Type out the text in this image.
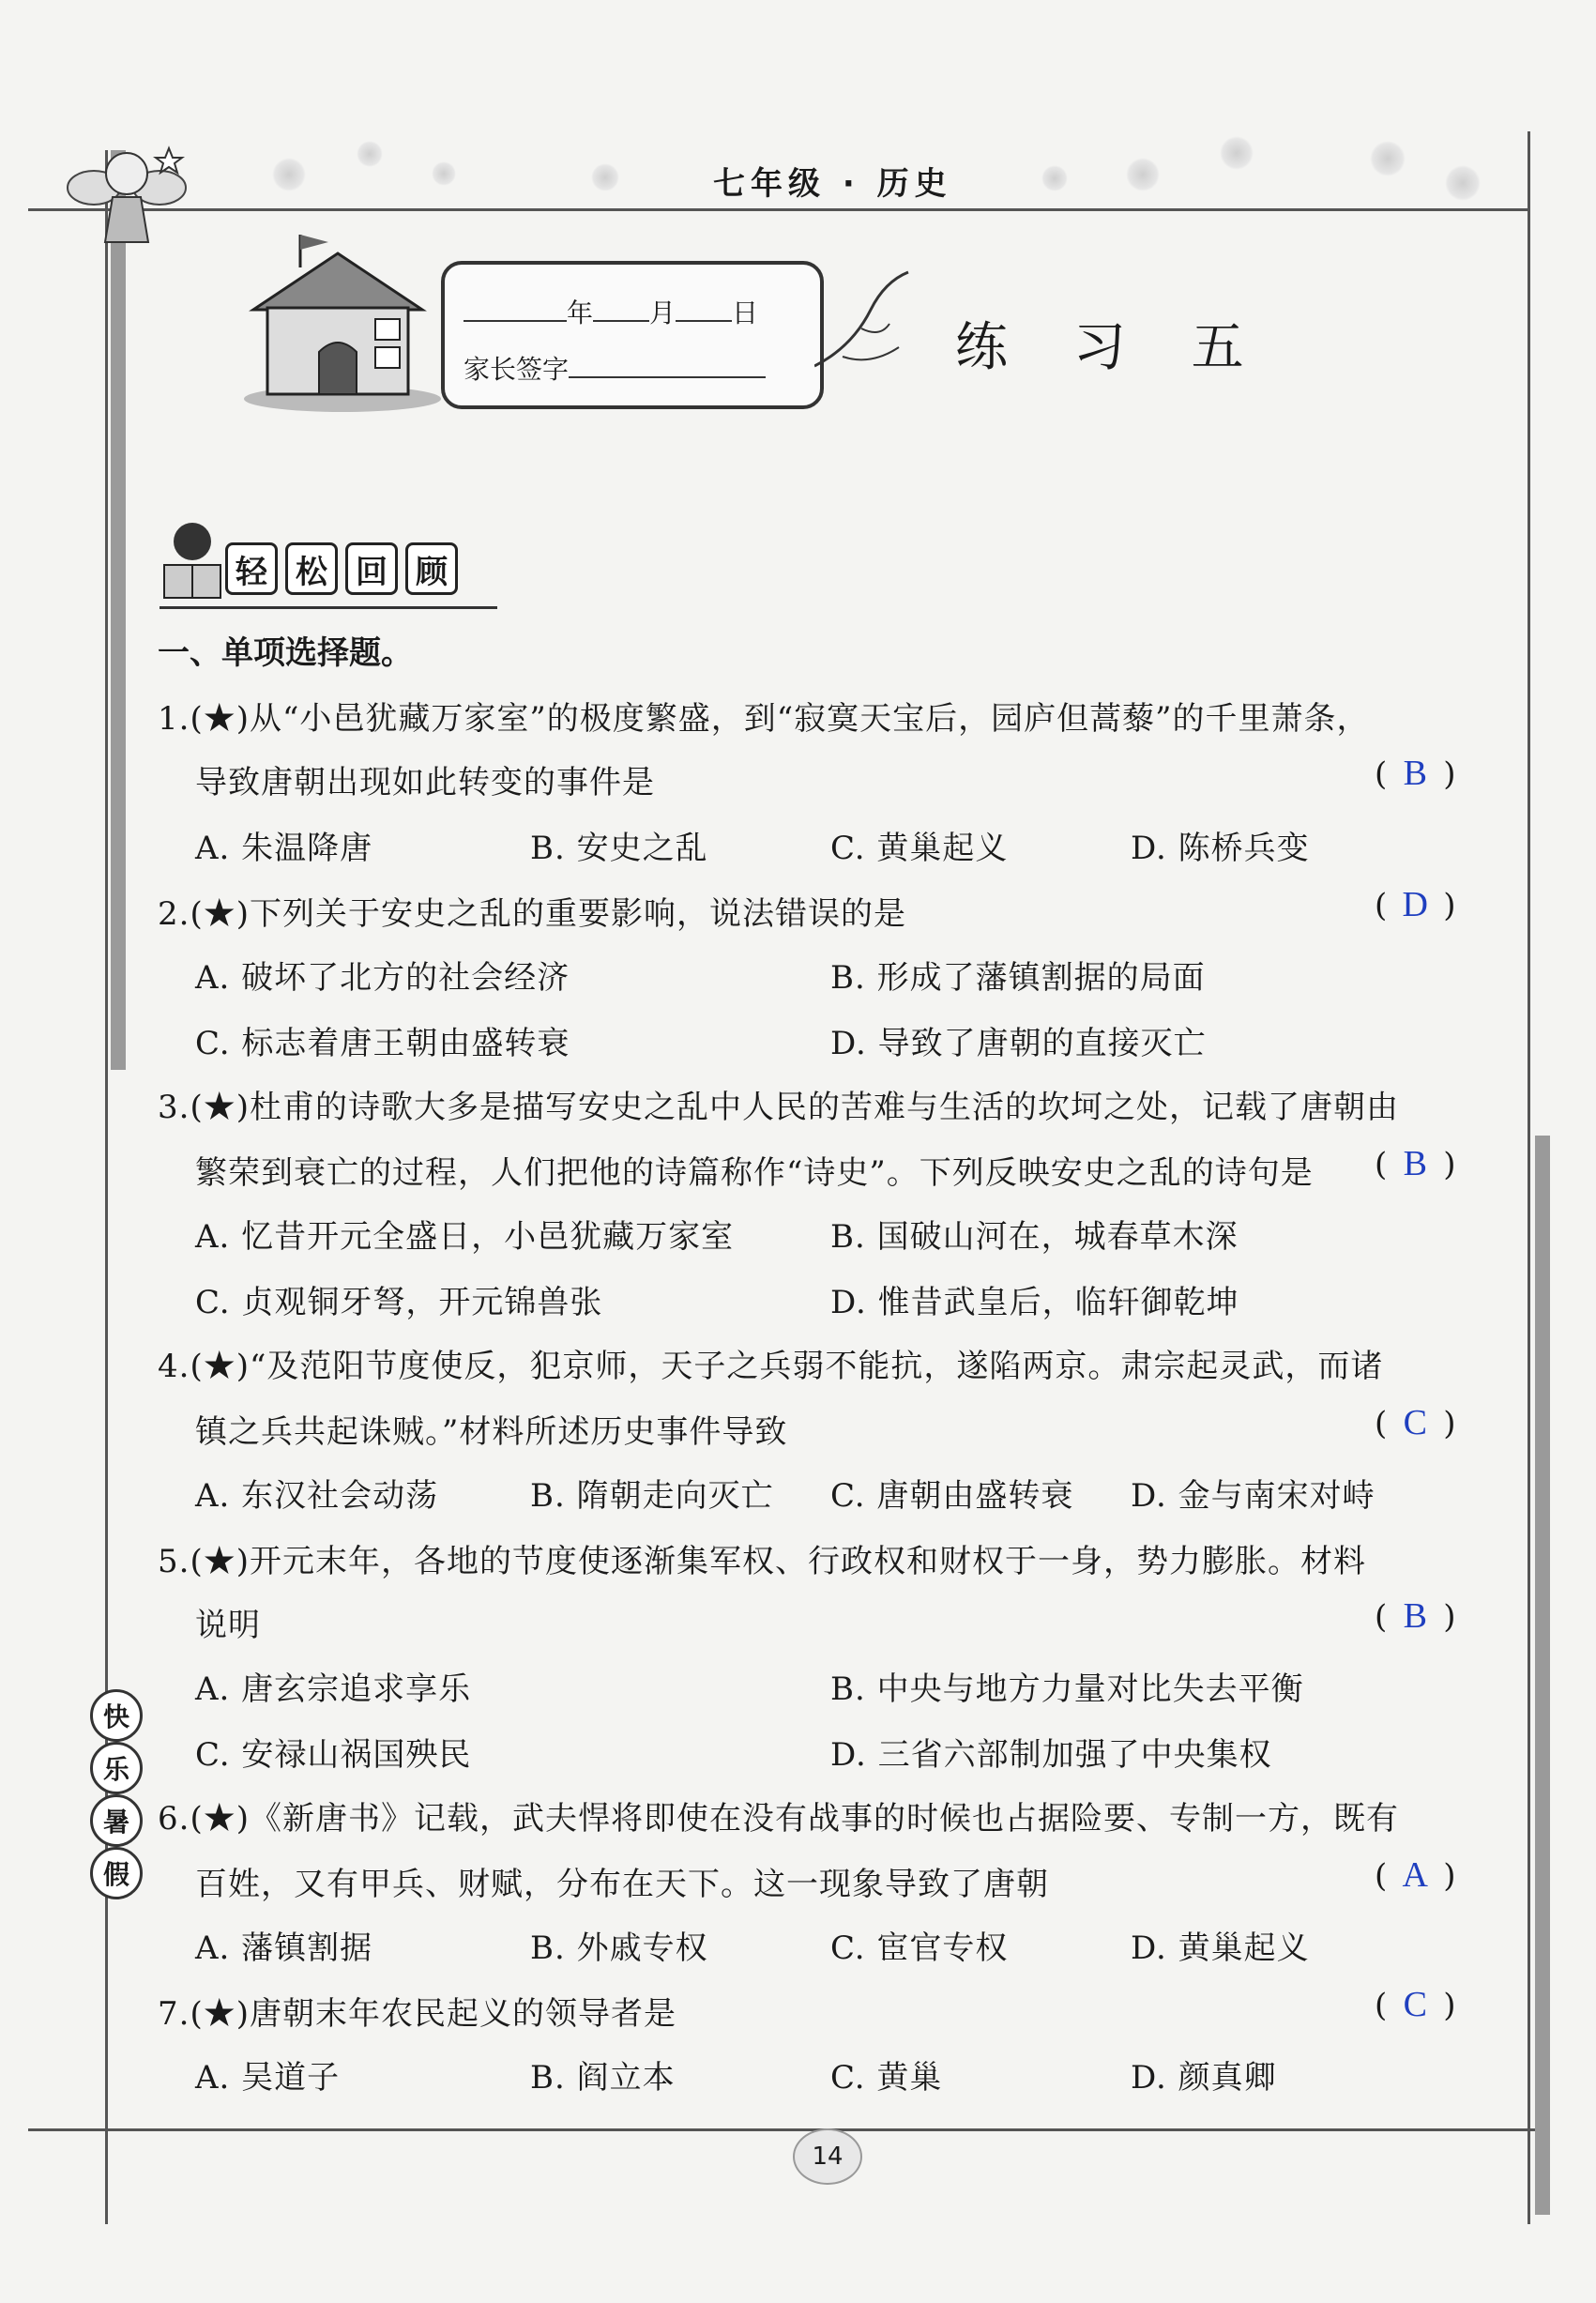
七年级 · 历史
年 月 日
家长签字	练 习 五
轻 松 回 顾
一、单项选择题。
1.(★)从“小邑犹藏万家室”的极度繁盛，到“寂寞天宝后，园庐但蒿藜”的千里萧条，
导致唐朝出现如此转变的事件是	( B )
A. 朱温降唐	B. 安史之乱	C. 黄巢起义	D. 陈桥兵变
2.(★)下列关于安史之乱的重要影响，说法错误的是	( D )
A. 破坏了北方的社会经济	B. 形成了藩镇割据的局面
C. 标志着唐王朝由盛转衰	D. 导致了唐朝的直接灭亡
3.(★)杜甫的诗歌大多是描写安史之乱中人民的苦难与生活的坎坷之处，记载了唐朝由
繁荣到衰亡的过程，人们把他的诗篇称作“诗史”。下列反映安史之乱的诗句是 ( B )
A. 忆昔开元全盛日，小邑犹藏万家室	B. 国破山河在，城春草木深
C. 贞观铜牙弩，开元锦兽张	D. 惟昔武皇后，临轩御乾坤
4.(★)“及范阳节度使反，犯京师，天子之兵弱不能抗，遂陷两京。肃宗起灵武，而诸
镇之兵共起诛贼。”材料所述历史事件导致	( C )
A. 东汉社会动荡	B. 隋朝走向灭亡 C. 唐朝由盛转衰 D. 金与南宋对峙
5.(★)开元末年，各地的节度使逐渐集军权、行政权和财权于一身，势力膨胀。材料
说明	( B )
A. 唐玄宗追求享乐	B. 中央与地方力量对比失去平衡
C. 安禄山祸国殃民	D. 三省六部制加强了中央集权
6.(★)《新唐书》记载，武夫悍将即使在没有战事的时候也占据险要、专制一方，既有
百姓，又有甲兵、财赋，分布在天下。这一现象导致了唐朝	( A )
A. 藩镇割据	B. 外戚专权	C. 宦官专权	D. 黄巢起义
7.(★)唐朝末年农民起义的领导者是	( C )
A. 吴道子	B. 阎立本	C. 黄巢	D. 颜真卿
快
乐
暑
假
14
